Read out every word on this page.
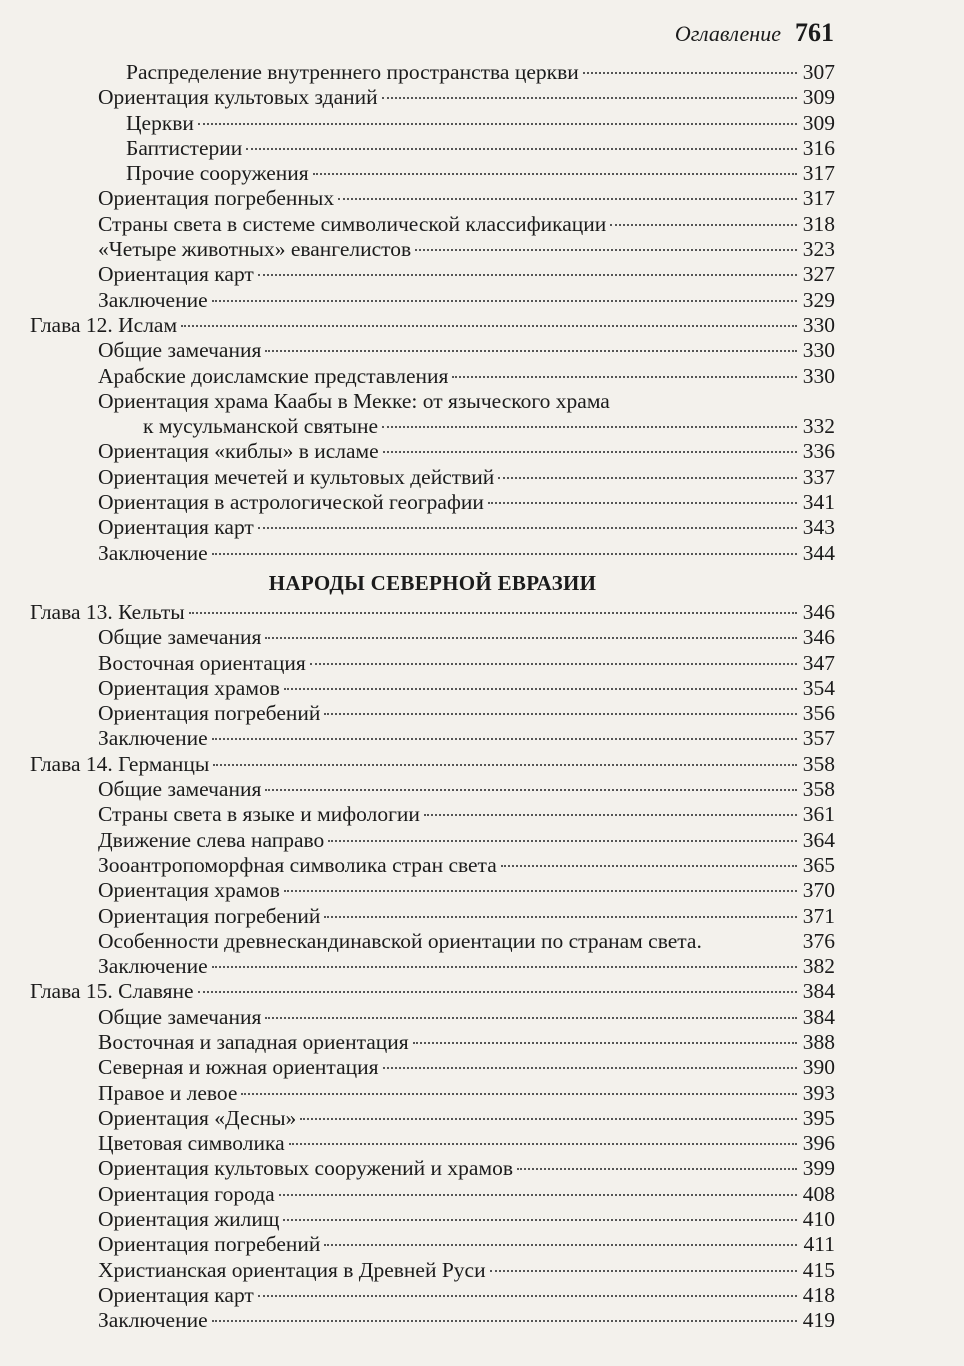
Оглавление 761
Распределение внутреннего пространства церкви	307
Ориентация культовых зданий	309
Церкви	309
Баптистерии	316
Прочие сооружения	317
Ориентация погребенных	317
Страны света в системе символической классификации	318
«Четыре животных» евангелистов	323
Ориентация карт	327
Заключение	329
Глава 12. Ислам	330
Общие замечания	330
Арабские доисламские представления	330
Ориентация храма Каабы в Мекке: от языческого храма
к мусульманской святыне	332
Ориентация «киблы» в исламе	336
Ориентация мечетей и культовых действий	337
Ориентация в астрологической географии	341
Ориентация карт	343
Заключение	344
НАРОДЫ СЕВЕРНОЙ ЕВРАЗИИ
Глава 13. Кельты	346
Общие замечания	346
Восточная ориентация	347
Ориентация храмов	354
Ориентация погребений	356
Заключение	357
Глава 14. Германцы	358
Общие замечания	358
Страны света в языке и мифологии	361
Движение слева направо	364
Зооантропоморфная символика стран света	365
Ориентация храмов	370
Ориентация погребений	371
Особенности древнескандинавской ориентации по странам света.	376
Заключение	382
Глава 15. Славяне	384
Общие замечания	384
Восточная и западная ориентация	388
Северная и южная ориентация	390
Правое и левое	393
Ориентация «Десны»	395
Цветовая символика	396
Ориентация культовых сооружений и храмов	399
Ориентация города	408
Ориентация жилищ	410
Ориентация погребений	411
Христианская ориентация в Древней Руси	415
Ориентация карт	418
Заключение	419
